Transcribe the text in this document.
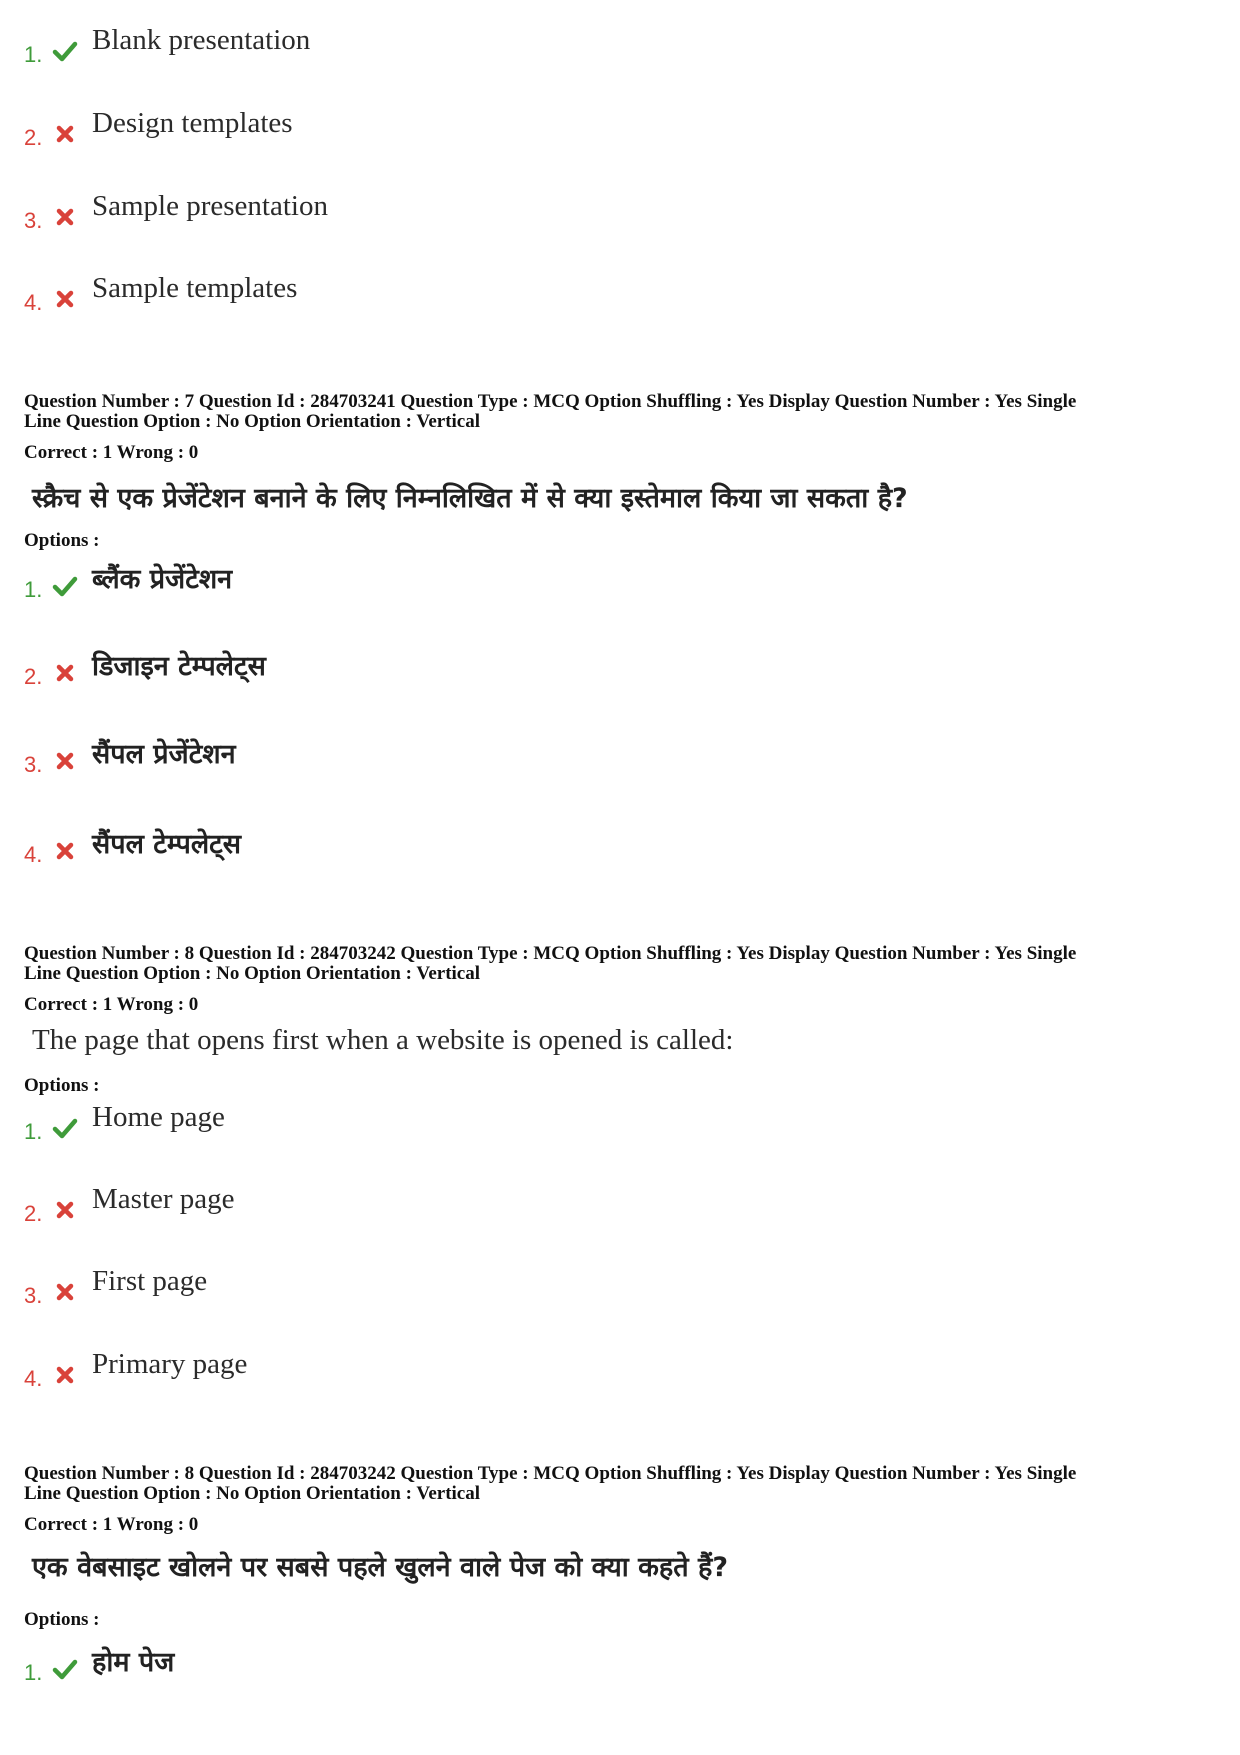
1. Blank presentation
2. Design templates
3. Sample presentation
4. Sample templates
Question Number : 7 Question Id : 284703241 Question Type : MCQ Option Shuffling : Yes Display Question Number : Yes Single
Line Question Option : No Option Orientation : Vertical
Correct : 1 Wrong : 0
स्क्रैच से एक प्रेजेंटेशन बनाने के लिए निम्नलिखित में से क्या इस्तेमाल किया जा सकता है?
Options :
1. ब्लैंक प्रेजेंटेशन
2. डिजाइन टेम्पलेट्स
3. सैंपल प्रेजेंटेशन
4. सैंपल टेम्पलेट्स
Question Number : 8 Question Id : 284703242 Question Type : MCQ Option Shuffling : Yes Display Question Number : Yes Single
Line Question Option : No Option Orientation : Vertical
Correct : 1 Wrong : 0
The page that opens first when a website is opened is called:
Options :
1. Home page
2. Master page
3. First page
4. Primary page
Question Number : 8 Question Id : 284703242 Question Type : MCQ Option Shuffling : Yes Display Question Number : Yes Single
Line Question Option : No Option Orientation : Vertical
Correct : 1 Wrong : 0
एक वेबसाइट खोलने पर सबसे पहले खुलने वाले पेज को क्या कहते हैं?
Options :
1. होम पेज
